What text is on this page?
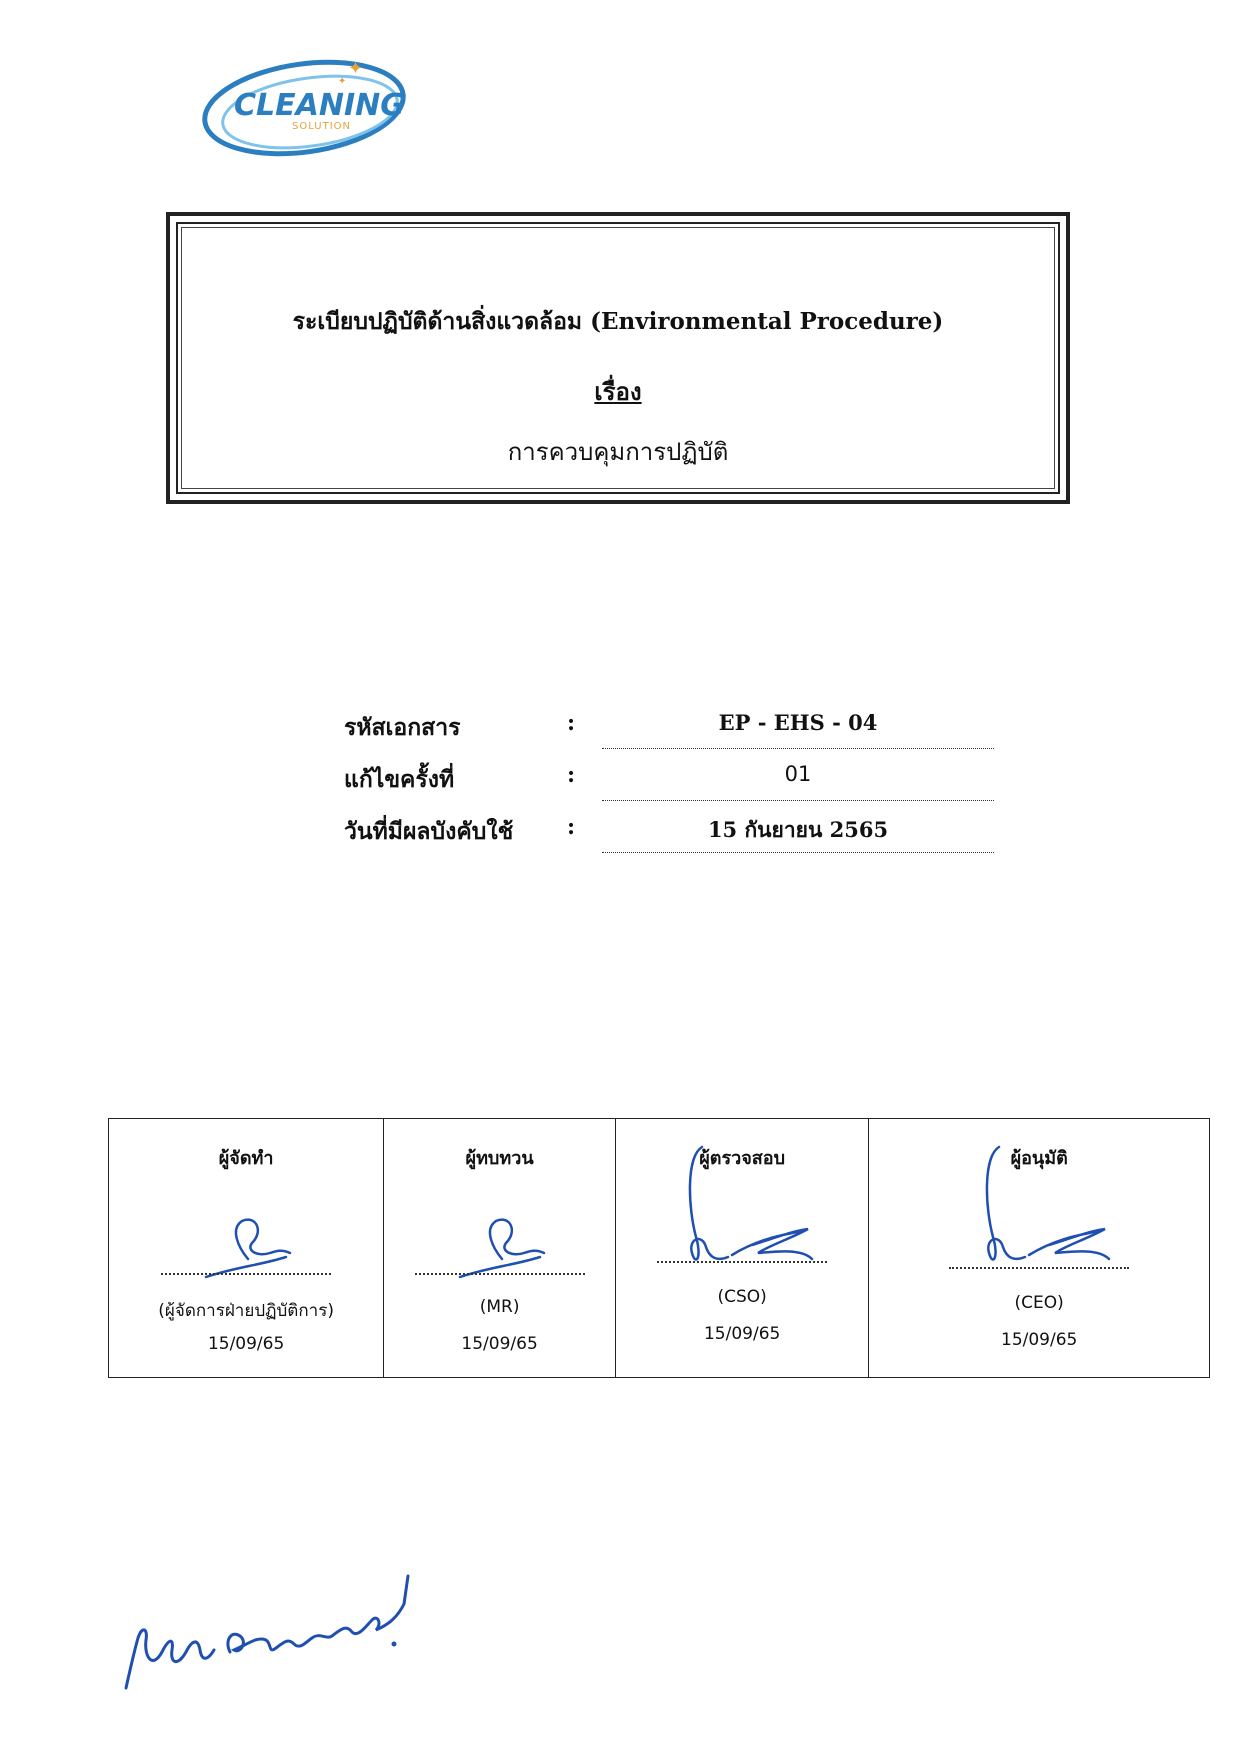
✦
✦
CLEANING
SOLUTION
ระเบียบปฏิบัติด้านสิ่งแวดล้อม (Environmental Procedure)
เรื่อง
การควบคุมการปฏิบัติ
รหัสเอกสาร	:	EP - EHS - 04
แก้ไขครั้งที่	:	01
วันที่มีผลบังคับใช้ :	15 กันยายน 2565
ผู้จัดทำ
(ผู้จัดการฝ่ายปฏิบัติการ)
15/09/65

ผู้ทบทวน
(MR)
15/09/65

ผู้ตรวจสอบ
(CSO)
15/09/65

ผู้อนุมัติ
(CEO)
15/09/65
